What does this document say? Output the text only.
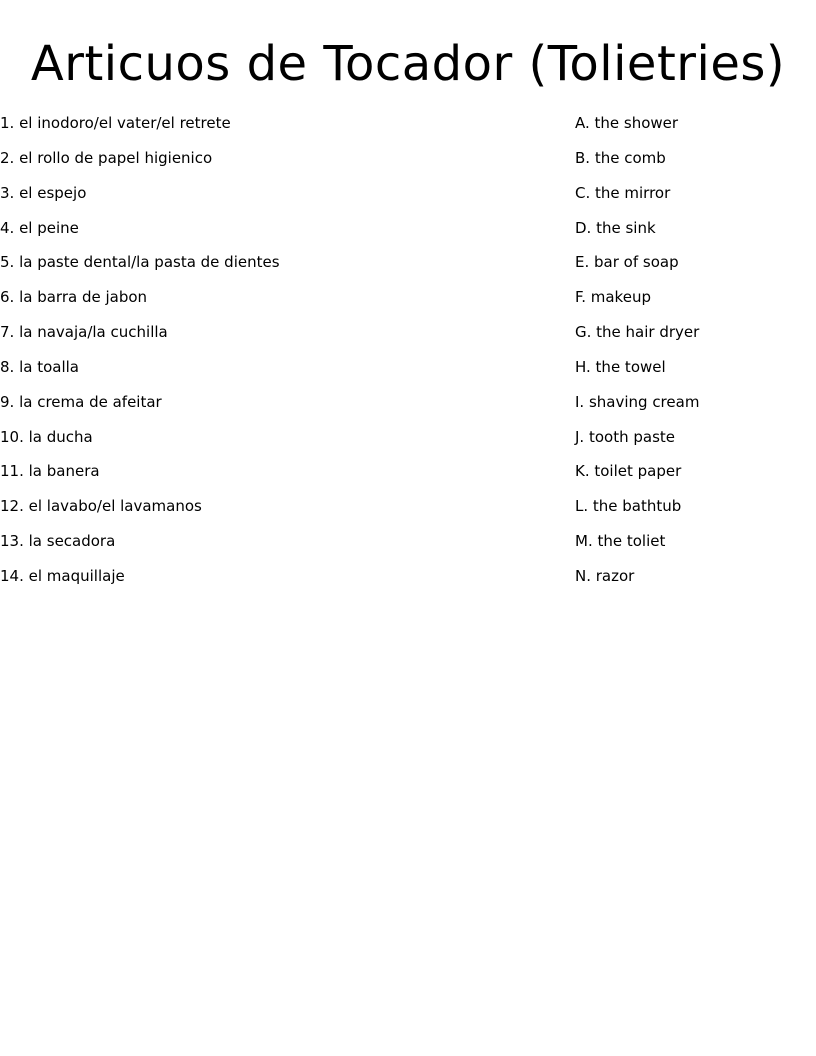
Articuos de Tocador (Tolietries)
1. el inodoro/el vater/el retrete
2. el rollo de papel higienico
3. el espejo
4. el peine
5. la paste dental/la pasta de dientes
6. la barra de jabon
7. la navaja/la cuchilla
8. la toalla
9. la crema de afeitar
10. la ducha
11. la banera
12. el lavabo/el lavamanos
13. la secadora
14. el maquillaje
A. the shower
B. the comb
C. the mirror
D. the sink
E. bar of soap
F. makeup
G. the hair dryer
H. the towel
I. shaving cream
J. tooth paste
K. toilet paper
L. the bathtub
M. the toliet
N. razor
